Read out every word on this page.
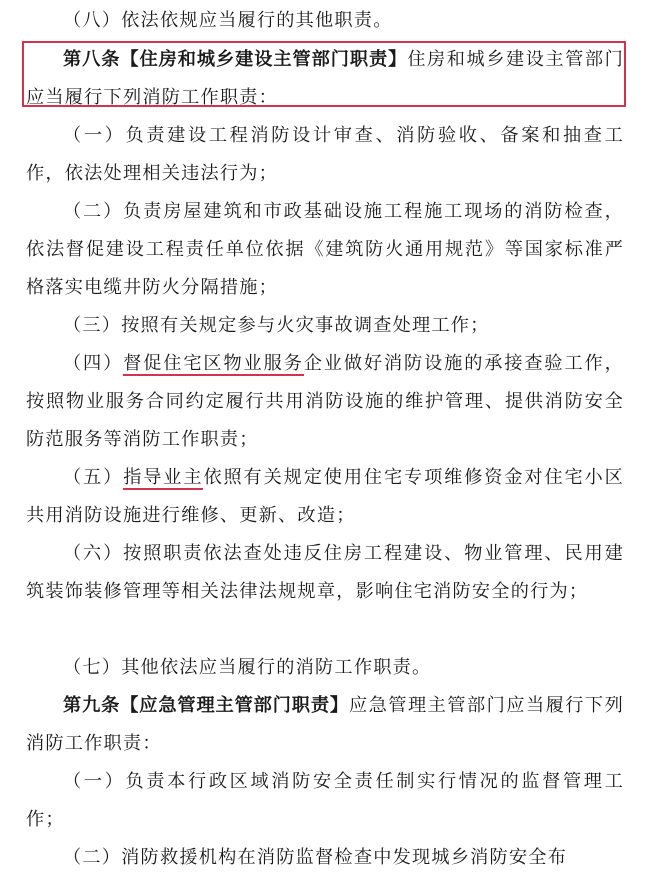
（八）依法依规应当履行的其他职责。

第八条【住房和城乡建设主管部门职责】住房和城乡建设主管部门应当履行下列消防工作职责：

（一）负责建设工程消防设计审查、消防验收、备案和抽查工作，依法处理相关违法行为；

（二）负责房屋建筑和市政基础设施工程施工现场的消防检查，依法督促建设工程责任单位依据《建筑防火通用规范》等国家标准严格落实电缆井防火分隔措施；

（三）按照有关规定参与火灾事故调查处理工作；

（四）督促住宅区物业服务企业做好消防设施的承接查验工作，按照物业服务合同约定履行共用消防设施的维护管理、提供消防安全防范服务等消防工作职责；

（五）指导业主依照有关规定使用住宅专项维修资金对住宅小区共用消防设施进行维修、更新、改造；

（六）按照职责依法查处违反住房工程建设、物业管理、民用建筑装饰装修管理等相关法律法规规章，影响住宅消防安全的行为；

（七）其他依法应当履行的消防工作职责。

第九条【应急管理主管部门职责】应急管理主管部门应当履行下列消防工作职责：

（一）负责本行政区域消防安全责任制实行情况的监督管理工作；

（二）消防救援机构在消防监督检查中发现城乡消防安全布
